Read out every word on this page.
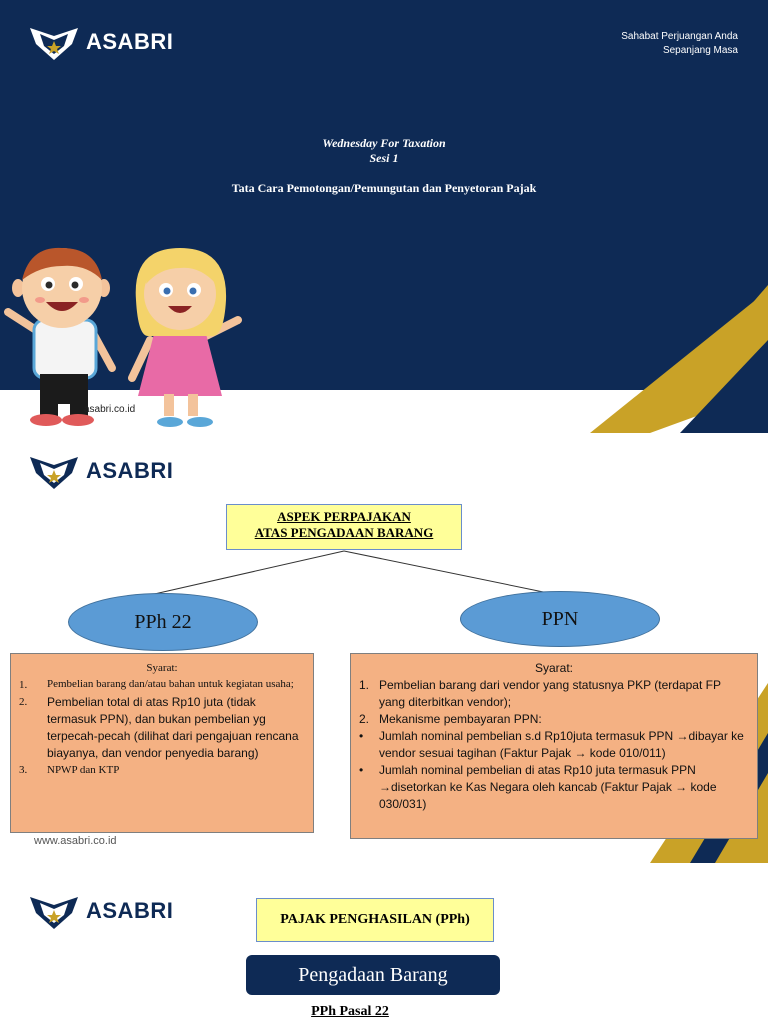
ASABRI	Sahabat Perjuangan Anda
Sepanjang Masa
Wednesday For Taxation
Sesi 1
Tata Cara Pemotongan/Pemungutan dan Penyetoran Pajak
asabri.co.id
ASABRI
ASPEK PERPAJAKAN
ATAS PENGADAAN BARANG
PPh 22	PPN
Syarat:
1.	Pembelian barang dan/atau bahan untuk kegiatan usaha;
2.	Pembelian total di atas Rp10 juta (tidak termasuk PPN), dan bukan pembelian yg terpecah-pecah (dilihat dari pengajuan rencana biayanya, dan vendor penyedia barang)
3.	NPWP dan KTP
Syarat:
1. Pembelian barang dari vendor yang statusnya PKP (terdapat FP yang diterbitkan vendor);
2. Mekanisme pembayaran PPN:
•	Jumlah nominal pembelian s.d Rp10juta termasuk PPN →dibayar ke vendor sesuai tagihan (Faktur Pajak → kode 010/011)
•	Jumlah nominal pembelian di atas Rp10 juta termasuk PPN →disetorkan ke Kas Negara oleh kancab (Faktur Pajak → kode 030/031)
www.asabri.co.id
ASABRI	PAJAK PENGHASILAN (PPh)
Pengadaan Barang
PPh Pasal 22
